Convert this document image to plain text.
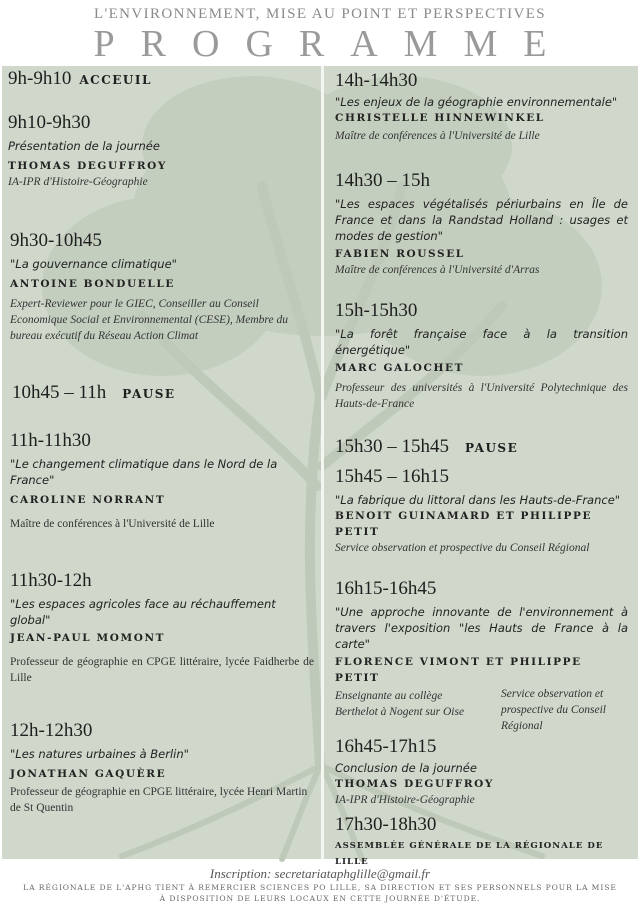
L'ENVIRONNEMENT, MISE AU POINT ET PERSPECTIVES
PROGRAMME
9h-9h10 ACCEUIL
9h10-9h30
Présentation de la journée
THOMAS DEGUFFROY
IA-IPR d'Histoire-Géographie
9h30-10h45
"La gouvernance climatique"
ANTOINE BONDUELLE
Expert-Reviewer pour le GIEC, Conseiller au Conseil Economique Social et Environnemental (CESE), Membre du bureau exécutif du Réseau Action Climat
10h45 – 11h PAUSE
11h-11h30
"Le changement climatique dans le Nord de la France"
CAROLINE NORRANT
Maître de conférences à l'Université de Lille
11h30-12h
"Les espaces agricoles face au réchauffement global"
JEAN-PAUL MOMONT
Professeur de géographie en CPGE littéraire, lycée Faidherbe de Lille
12h-12h30
"Les natures urbaines à Berlin"
JONATHAN GAQUÈRE
Professeur de géographie en CPGE littéraire, lycée Henri Martin de St Quentin
14h-14h30
"Les enjeux de la géographie environnementale"
CHRISTELLE HINNEWINKEL
Maître de conférences à l'Université de Lille
14h30 – 15h
"Les espaces végétalisés périurbains en Île de France et dans la Randstad Holland : usages et modes de gestion"
FABIEN ROUSSEL
Maître de conférences à l'Université d'Arras
15h-15h30
"La forêt française face à la transition énergétique"
MARC GALOCHET
Professeur des universités à l'Université Polytechnique des Hauts-de-France
15h30 – 15h45 PAUSE
15h45 – 16h15
"La fabrique du littoral dans les Hauts-de-France"
BENOIT GUINAMARD ET PHILIPPE PETIT
Service observation et prospective du Conseil Régional
16h15-16h45
"Une approche innovante de l'environnement à travers l'exposition "les Hauts de France à la carte"
FLORENCE VIMONT ET PHILIPPE PETIT
Enseignante au collège Berthelot à Nogent sur Oise
Service observation et prospective du Conseil Régional
16h45-17h15
Conclusion de la journée
THOMAS DEGUFFROY
IA-IPR d'Histoire-Géographie
17h30-18h30
ASSEMBLÉE GÉNÉRALE DE LA RÉGIONALE DE LILLE
Inscription: secretariataphglille@gmail.fr
LA RÉGIONALE DE L'APHG TIENT À REMERCIER SCIENCES PO LILLE, SA DIRECTION ET SES PERSONNELS POUR LA MISE À DISPOSITION DE LEURS LOCAUX EN CETTE JOURNÉE D'ÉTUDE.
